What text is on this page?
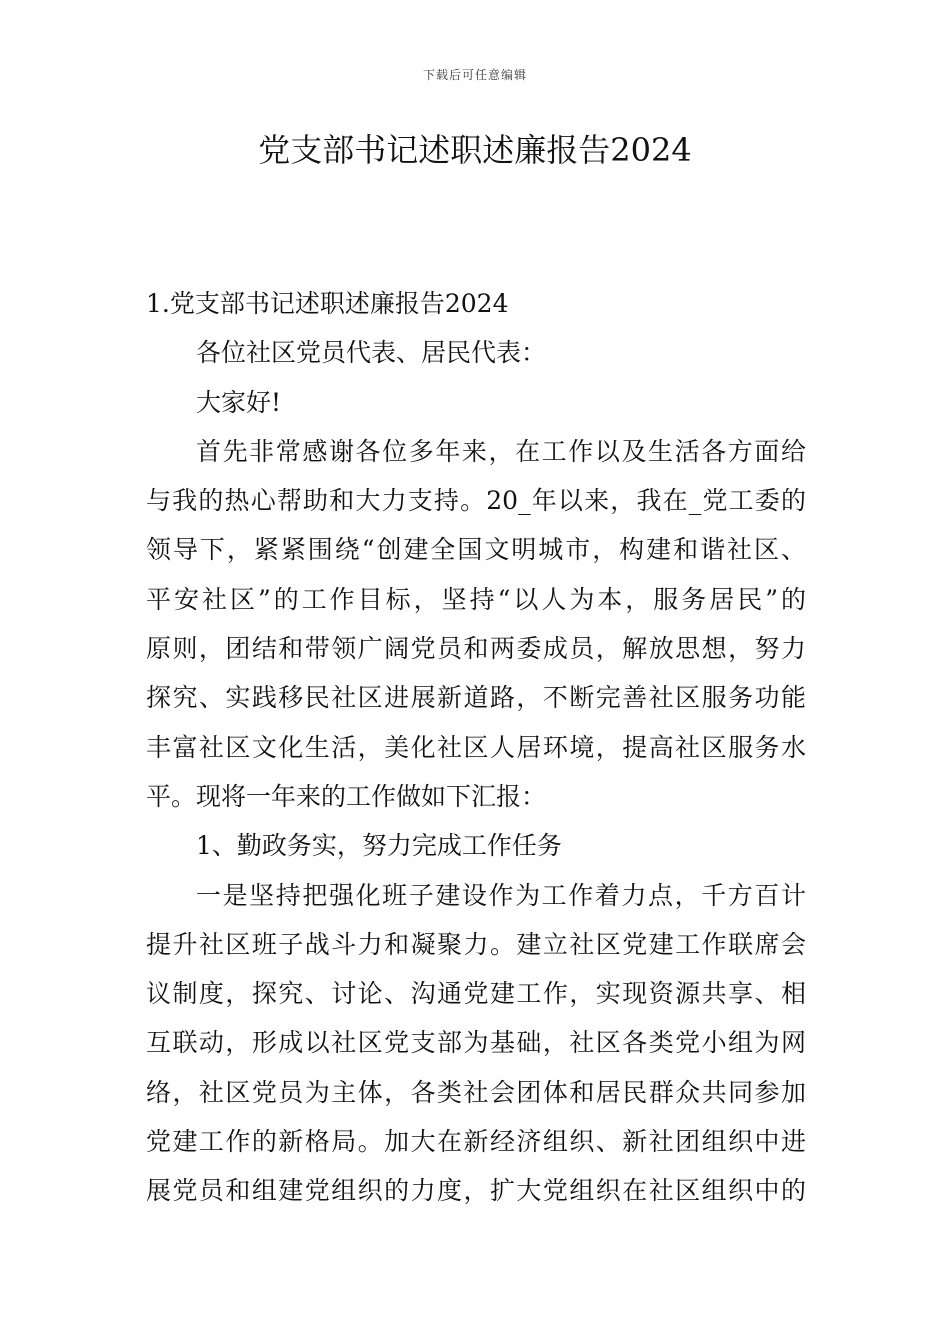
下载后可任意编辑
党支部书记述职述廉报告2024
1.党支部书记述职述廉报告2024
各位社区党员代表、居民代表：
大家好!
首先非常感谢各位多年来，在工作以及生活各方面给
与我的热心帮助和大力支持。20_年以来，我在_党工委的
领导下，紧紧围绕“创建全国文明城市，构建和谐社区、
平安社区”的工作目标，坚持“以人为本，服务居民”的
原则，团结和带领广阔党员和两委成员，解放思想，努力
探究、实践移民社区进展新道路，不断完善社区服务功能
丰富社区文化生活，美化社区人居环境，提高社区服务水
平。现将一年来的工作做如下汇报：
1、勤政务实，努力完成工作任务
一是坚持把强化班子建设作为工作着力点，千方百计
提升社区班子战斗力和凝聚力。建立社区党建工作联席会
议制度，探究、讨论、沟通党建工作，实现资源共享、相
互联动，形成以社区党支部为基础，社区各类党小组为网
络，社区党员为主体，各类社会团体和居民群众共同参加
党建工作的新格局。加大在新经济组织、新社团组织中进
展党员和组建党组织的力度，扩大党组织在社区组织中的
